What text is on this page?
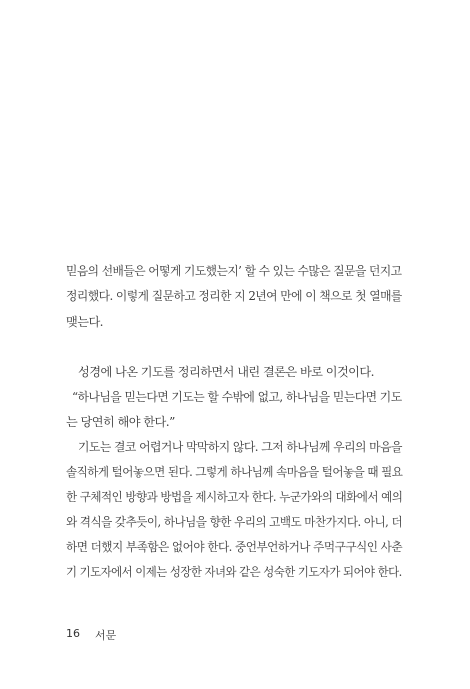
믿음의 선배들은 어떻게 기도했는지’ 할 수 있는 수많은 질문을 던지고
정리했다. 이렇게 질문하고 정리한 지 2년여 만에 이 책으로 첫 열매를
맺는다.
성경에 나온 기도를 정리하면서 내린 결론은 바로 이것이다.
“하나님을 믿는다면 기도는 할 수밖에 없고, 하나님을 믿는다면 기도
는 당연히 해야 한다.”
기도는 결코 어렵거나 막막하지 않다. 그저 하나님께 우리의 마음을
솔직하게 털어놓으면 된다. 그렇게 하나님께 속마음을 털어놓을 때 필요
한 구체적인 방향과 방법을 제시하고자 한다. 누군가와의 대화에서 예의
와 격식을 갖추듯이, 하나님을 향한 우리의 고백도 마찬가지다. 아니, 더
하면 더했지 부족함은 없어야 한다. 중언부언하거나 주먹구구식인 사춘
기 기도자에서 이제는 성장한 자녀와 같은 성숙한 기도자가 되어야 한다.
16 서문
